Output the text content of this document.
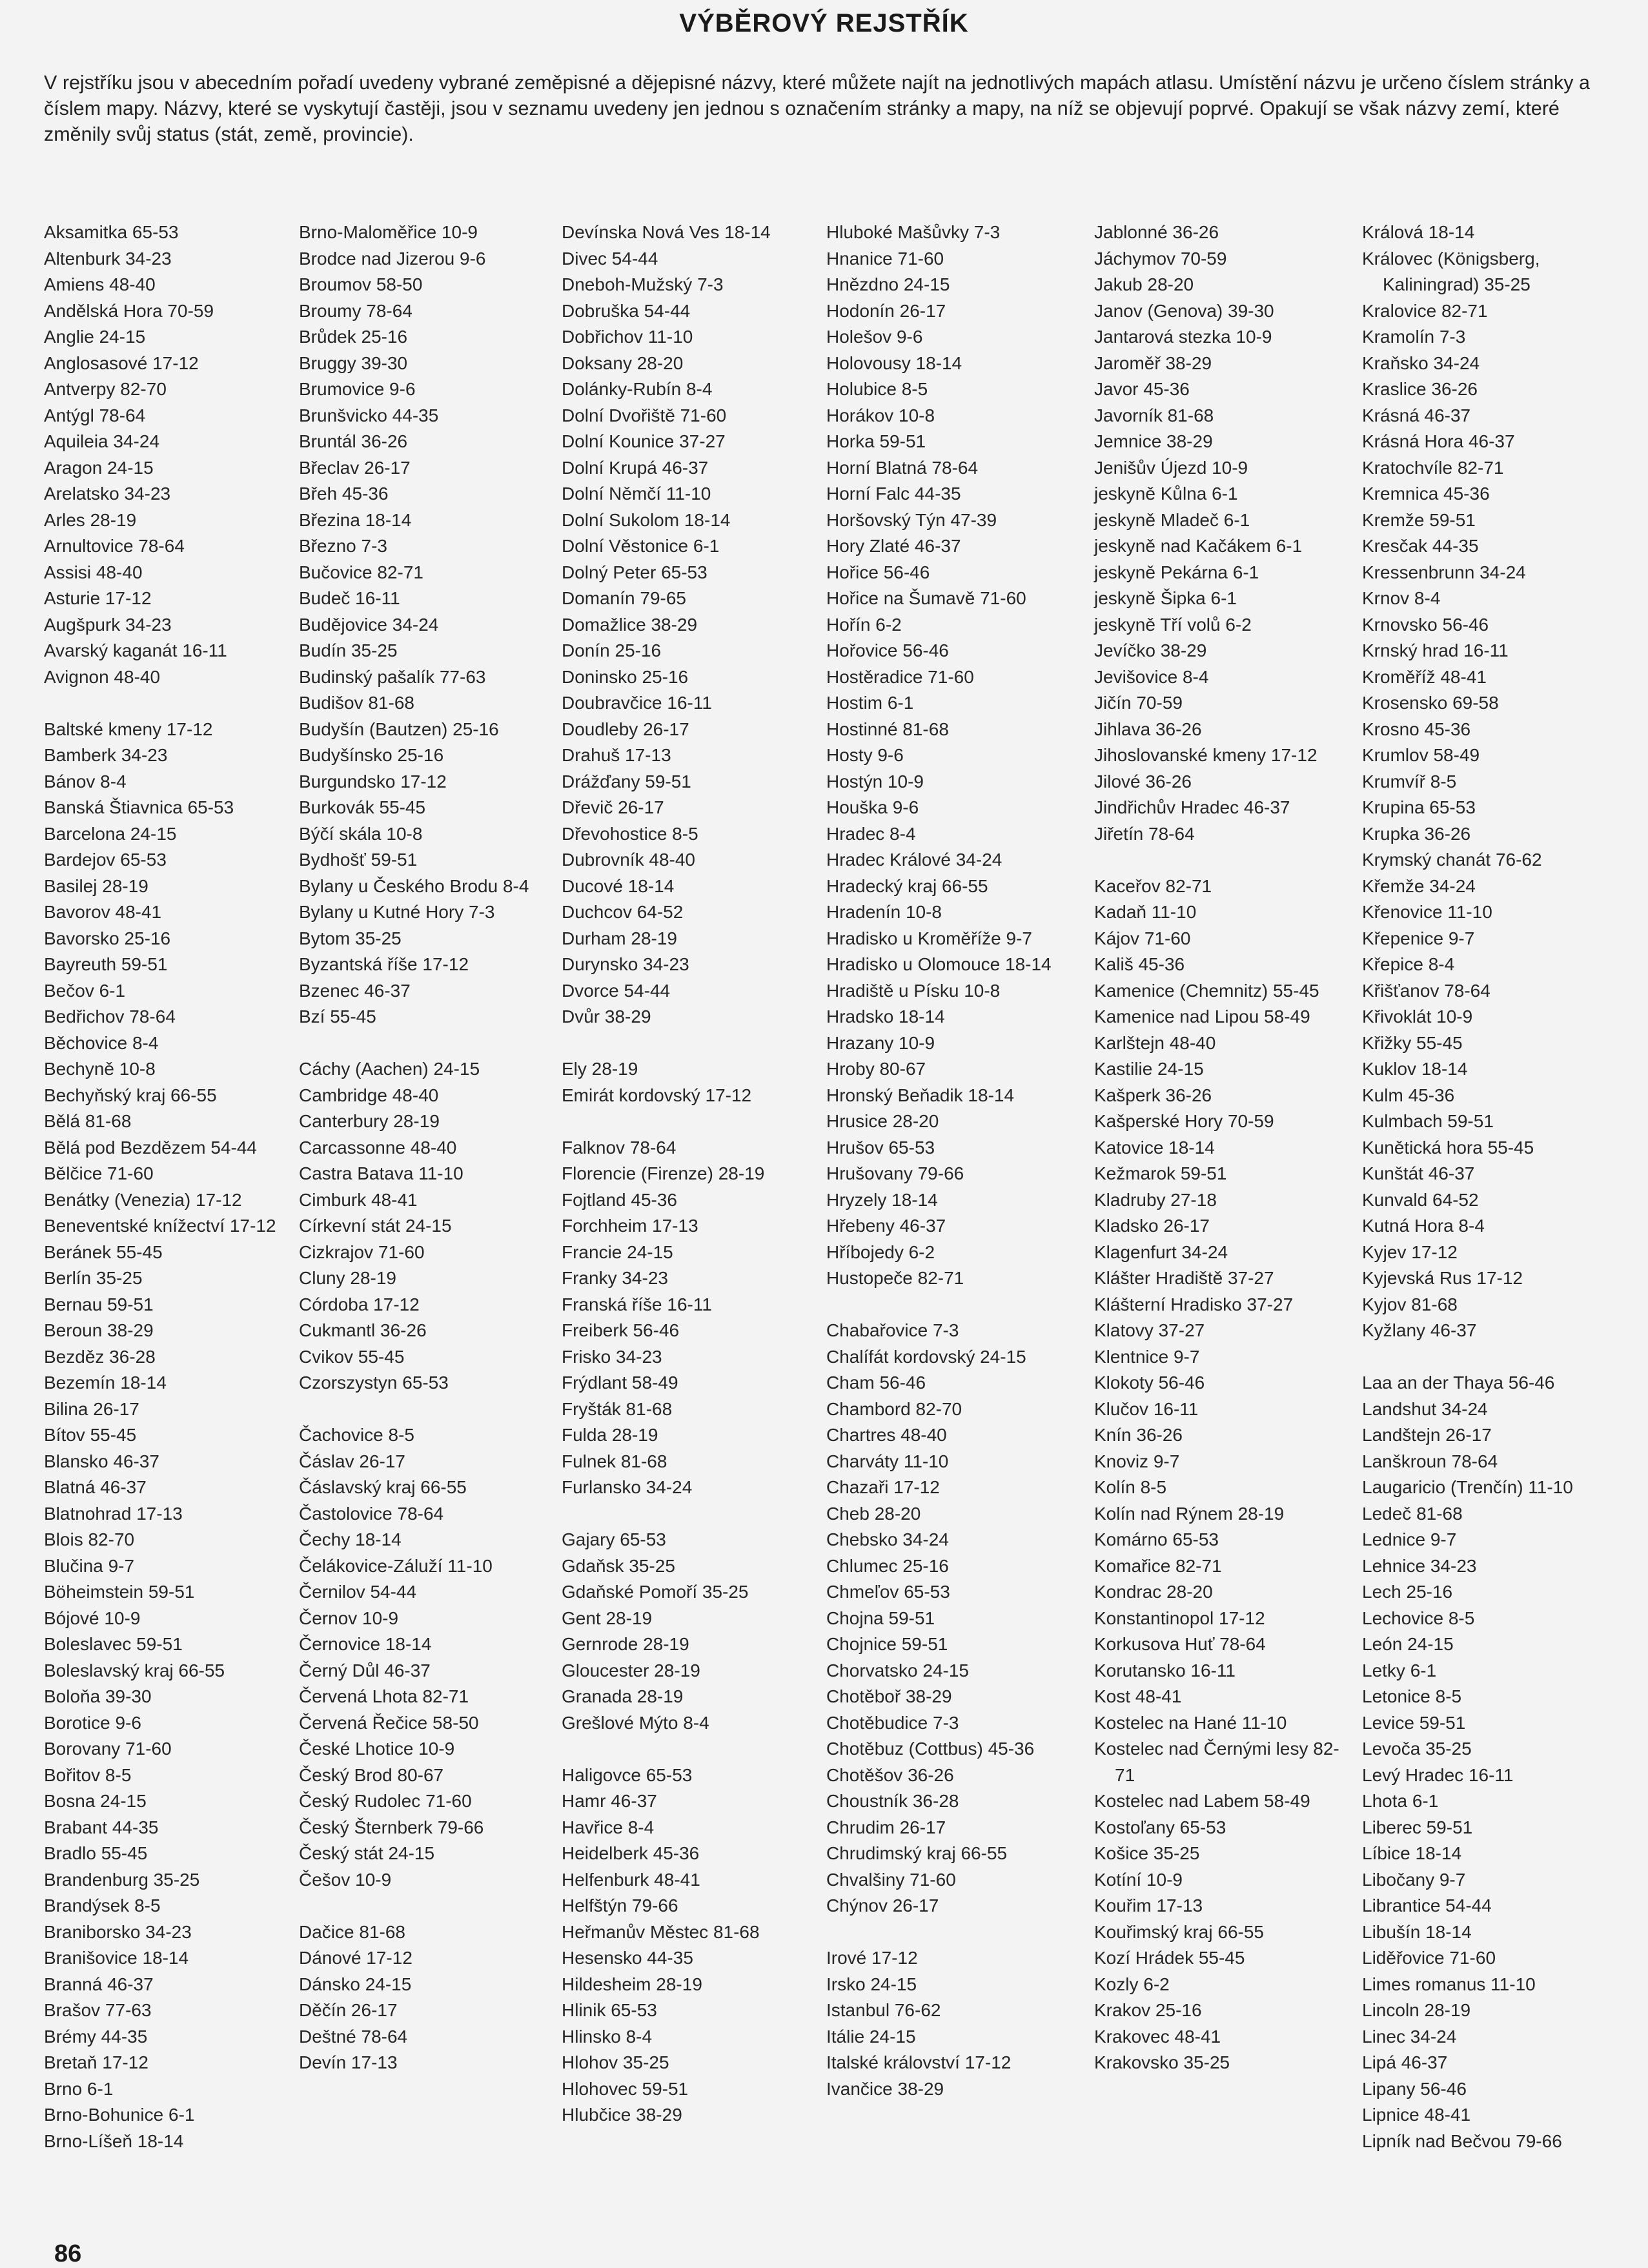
VÝBĚROVÝ REJSTŘÍK
V rejstříku jsou v abecedním pořadí uvedeny vybrané zeměpisné a dějepisné názvy, které můžete najít na jednotlivých mapách atlasu. Umístění názvu je určeno číslem stránky a číslem mapy. Názvy, které se vyskytují častěji, jsou v seznamu uvedeny jen jednou s označením stránky a mapy, na níž se objevují poprvé. Opakují se však názvy zemí, které změnily svůj status (stát, země, provincie).
Aksamitka 65-53
Altenburk 34-23
Amiens 48-40
Andělská Hora 70-59
Anglie 24-15
Anglosasové 17-12
Antverpy 82-70
Antýgl 78-64
Aquileia 34-24
Aragon 24-15
Arelatsko 34-23
Arles 28-19
Arnultovice 78-64
Assisi 48-40
Asturie 17-12
Augšpurk 34-23
Avarský kaganát 16-11
Avignon 48-40
Baltské kmeny 17-12
Bamberk 34-23
Bánov 8-4
Banská Štiavnica 65-53
Barcelona 24-15
Bardejov 65-53
Basilej 28-19
Bavorov 48-41
Bavorsko 25-16
Bayreuth 59-51
Bečov 6-1
Bedřichov 78-64
Běchovice 8-4
Bechyně 10-8
Bechyňský kraj 66-55
Bělá 81-68
Bělá pod Bezdězem 54-44
Bělčice 71-60
Benátky (Venezia) 17-12
Beneventské knížectví 17-12
Beránek 55-45
Berlín 35-25
Bernau 59-51
Beroun 38-29
Bezděz 36-28
Bezemín 18-14
Bilina 26-17
Bítov 55-45
Blansko 46-37
Blatná 46-37
Blatnohrad 17-13
Blois 82-70
Blučina 9-7
Böheimstein 59-51
Bójové 10-9
Boleslavec 59-51
Boleslavský kraj 66-55
Boloňa 39-30
Borotice 9-6
Borovany 71-60
Bořitov 8-5
Bosna 24-15
Brabant 44-35
Bradlo 55-45
Brandenburg 35-25
Brandýsek 8-5
Braniborsko 34-23
Branišovice 18-14
Branná 46-37
Brašov 77-63
Brémy 44-35
Bretaň 17-12
Brno 6-1
Brno-Bohunice 6-1
Brno-Líšeň 18-14
Brno-Maloměřice 10-9
Brodce nad Jizerou 9-6
Broumov 58-50
Broumy 78-64
Brůdek 25-16
Bruggy 39-30
Brumovice 9-6
Brunšvicko 44-35
Bruntál 36-26
Břeclav 26-17
Břeh 45-36
Březina 18-14
Březno 7-3
Bučovice 82-71
Budeč 16-11
Budějovice 34-24
Budín 35-25
Budinský pašalík 77-63
Budišov 81-68
Budyšín (Bautzen) 25-16
Budyšínsko 25-16
Burgundsko 17-12
Burkovák 55-45
Býčí skála 10-8
Bydhošť 59-51
Bylany u Českého Brodu 8-4
Bylany u Kutné Hory 7-3
Bytom 35-25
Byzantská říše 17-12
Bzenec 46-37
Bzí 55-45
Cáchy (Aachen) 24-15
Cambridge 48-40
Canterbury 28-19
Carcassonne 48-40
Castra Batava 11-10
Cimburk 48-41
Církevní stát 24-15
Cizkrajov 71-60
Cluny 28-19
Córdoba 17-12
Cukmantl 36-26
Cvikov 55-45
Czorszystyn 65-53
Čachovice 8-5
Čáslav 26-17
Čáslavský kraj 66-55
Častolovice 78-64
Čechy 18-14
Čelákovice-Záluží 11-10
Černilov 54-44
Černov 10-9
Černovice 18-14
Černý Důl 46-37
Červená Lhota 82-71
Červená Řečice 58-50
České Lhotice 10-9
Český Brod 80-67
Český Rudolec 71-60
Český Šternberk 79-66
Český stát 24-15
Češov 10-9
Dačice 81-68
Dánové 17-12
Dánsko 24-15
Děčín 26-17
Deštné 78-64
Devín 17-13
Devínska Nová Ves 18-14
Divec 54-44
Dneboh-Mužský 7-3
Dobruška 54-44
Dobřichov 11-10
Doksany 28-20
Dolánky-Rubín 8-4
Dolní Dvořiště 71-60
Dolní Kounice 37-27
Dolní Krupá 46-37
Dolní Němčí 11-10
Dolní Sukolom 18-14
Dolní Věstonice 6-1
Dolný Peter 65-53
Domanín 79-65
Domažlice 38-29
Donín 25-16
Doninsko 25-16
Doubravčice 16-11
Doudleby 26-17
Drahuš 17-13
Drážďany 59-51
Dřevič 26-17
Dřevohostice 8-5
Dubrovník 48-40
Ducové 18-14
Duchcov 64-52
Durham 28-19
Durynsko 34-23
Dvorce 54-44
Dvůr 38-29
Ely 28-19
Emirát kordovský 17-12
Falknov 78-64
Florencie (Firenze) 28-19
Fojtland 45-36
Forchheim 17-13
Francie 24-15
Franky 34-23
Franská říše 16-11
Freiberk 56-46
Frisko 34-23
Frýdlant 58-49
Fryšták 81-68
Fulda 28-19
Fulnek 81-68
Furlansko 34-24
Gajary 65-53
Gdaňsk 35-25
Gdaňské Pomoří 35-25
Gent 28-19
Gernrode 28-19
Gloucester 28-19
Granada 28-19
Grešlové Mýto 8-4
Haligovce 65-53
Hamr 46-37
Havřice 8-4
Heidelberk 45-36
Helfenburk 48-41
Helfštýn 79-66
Heřmanův Městec 81-68
Hesensko 44-35
Hildesheim 28-19
Hlinik 65-53
Hlinsko 8-4
Hlohov 35-25
Hlohovec 59-51
Hlubčice 38-29
Hluboké Mašůvky 7-3
Hnanice 71-60
Hnězdno 24-15
Hodonín 26-17
Holešov 9-6
Holovousy 18-14
Holubice 8-5
Horákov 10-8
Horka 59-51
Horní Blatná 78-64
Horní Falc 44-35
Horšovský Týn 47-39
Hory Zlaté 46-37
Hořice 56-46
Hořice na Šumavě 71-60
Hořín 6-2
Hořovice 56-46
Hostěradice 71-60
Hostim 6-1
Hostinné 81-68
Hosty 9-6
Hostýn 10-9
Houška 9-6
Hradec 8-4
Hradec Králové 34-24
Hradecký kraj 66-55
Hradenín 10-8
Hradisko u Kroměříže 9-7
Hradisko u Olomouce 18-14
Hradiště u Písku 10-8
Hradsko 18-14
Hrazany 10-9
Hroby 80-67
Hronský Beňadik 18-14
Hrusice 28-20
Hrušov 65-53
Hrušovany 79-66
Hryzely 18-14
Hřebeny 46-37
Hříbojedy 6-2
Hustopeče 82-71
Chabařovice 7-3
Chalífát kordovský 24-15
Cham 56-46
Chambord 82-70
Chartres 48-40
Charváty 11-10
Chazaři 17-12
Cheb 28-20
Chebsko 34-24
Chlumec 25-16
Chmeľov 65-53
Chojna 59-51
Chojnice 59-51
Chorvatsko 24-15
Chotěboř 38-29
Chotěbudice 7-3
Chotěbuz (Cottbus) 45-36
Chotěšov 36-26
Choustník 36-28
Chrudim 26-17
Chrudimský kraj 66-55
Chvalšiny 71-60
Chýnov 26-17
Irové 17-12
Irsko 24-15
Istanbul 76-62
Itálie 24-15
Italské království 17-12
Ivančice 38-29
Jablonné 36-26
Jáchymov 70-59
Jakub 28-20
Janov (Genova) 39-30
Jantarová stezka 10-9
Jaroměř 38-29
Javor 45-36
Javorník 81-68
Jemnice 38-29
Jenišův Újezd 10-9
jeskyně Kůlna 6-1
jeskyně Mladeč 6-1
jeskyně nad Kačákem 6-1
jeskyně Pekárna 6-1
jeskyně Šipka 6-1
jeskyně Tří volů 6-2
Jevíčko 38-29
Jevišovice 8-4
Jičín 70-59
Jihlava 36-26
Jihoslovanské kmeny 17-12
Jilové 36-26
Jindřichův Hradec 46-37
Jiřetín 78-64
Kaceřov 82-71
Kadaň 11-10
Kájov 71-60
Kališ 45-36
Kamenice (Chemnitz) 55-45
Kamenice nad Lipou 58-49
Karlštejn 48-40
Kastilie 24-15
Kašperk 36-26
Kašperské Hory 70-59
Katovice 18-14
Kežmarok 59-51
Kladruby 27-18
Kladsko 26-17
Klagenfurt 34-24
Klášter Hradiště 37-27
Klášterní Hradisko 37-27
Klatovy 37-27
Klentnice 9-7
Klokoty 56-46
Klučov 16-11
Knín 36-26
Knoviz 9-7
Kolín 8-5
Kolín nad Rýnem 28-19
Komárno 65-53
Komařice 82-71
Kondrac 28-20
Konstantinopol 17-12
Korkusova Huť 78-64
Korutansko 16-11
Kost 48-41
Kostelec na Hané 11-10
Kostelec nad Černými lesy 82-71
Kostelec nad Labem 58-49
Kostoľany 65-53
Košice 35-25
Kotíní 10-9
Kouřim 17-13
Kouřimský kraj 66-55
Kozí Hrádek 55-45
Kozly 6-2
Krakov 25-16
Krakovec 48-41
Krakovsko 35-25
Králová 18-14
Královec (Königsberg, Kaliningrad) 35-25
Kralovice 82-71
Kramolín 7-3
Kraňsko 34-24
Kraslice 36-26
Krásná 46-37
Krásná Hora 46-37
Kratochvíle 82-71
Kremnica 45-36
Kremže 59-51
Kresčak 44-35
Kressenbrunn 34-24
Krnov 8-4
Krnovsko 56-46
Krnský hrad 16-11
Kroměříž 48-41
Krosensko 69-58
Krosno 45-36
Krumlov 58-49
Krumvíř 8-5
Krupina 65-53
Krupka 36-26
Krymský chanát 76-62
Křemže 34-24
Křenovice 11-10
Křepenice 9-7
Křepice 8-4
Křišťanov 78-64
Křivoklát 10-9
Křižky 55-45
Kuklov 18-14
Kulm 45-36
Kulmbach 59-51
Kunětická hora 55-45
Kunštát 46-37
Kunvald 64-52
Kutná Hora 8-4
Kyjev 17-12
Kyjevská Rus 17-12
Kyjov 81-68
Kyžlany 46-37
Laa an der Thaya 56-46
Landshut 34-24
Landštejn 26-17
Lanškroun 78-64
Laugaricio (Trenčín) 11-10
Ledeč 81-68
Lednice 9-7
Lehnice 34-23
Lech 25-16
Lechovice 8-5
León 24-15
Letky 6-1
Letonice 8-5
Levice 59-51
Levoča 35-25
Levý Hradec 16-11
Lhota 6-1
Liberec 59-51
Líbice 18-14
Libočany 9-7
Librantice 54-44
Libušín 18-14
Liděřovice 71-60
Limes romanus 11-10
Lincoln 28-19
Linec 34-24
Lipá 46-37
Lipany 56-46
Lipnice 48-41
Lipník nad Bečvou 79-66
86
